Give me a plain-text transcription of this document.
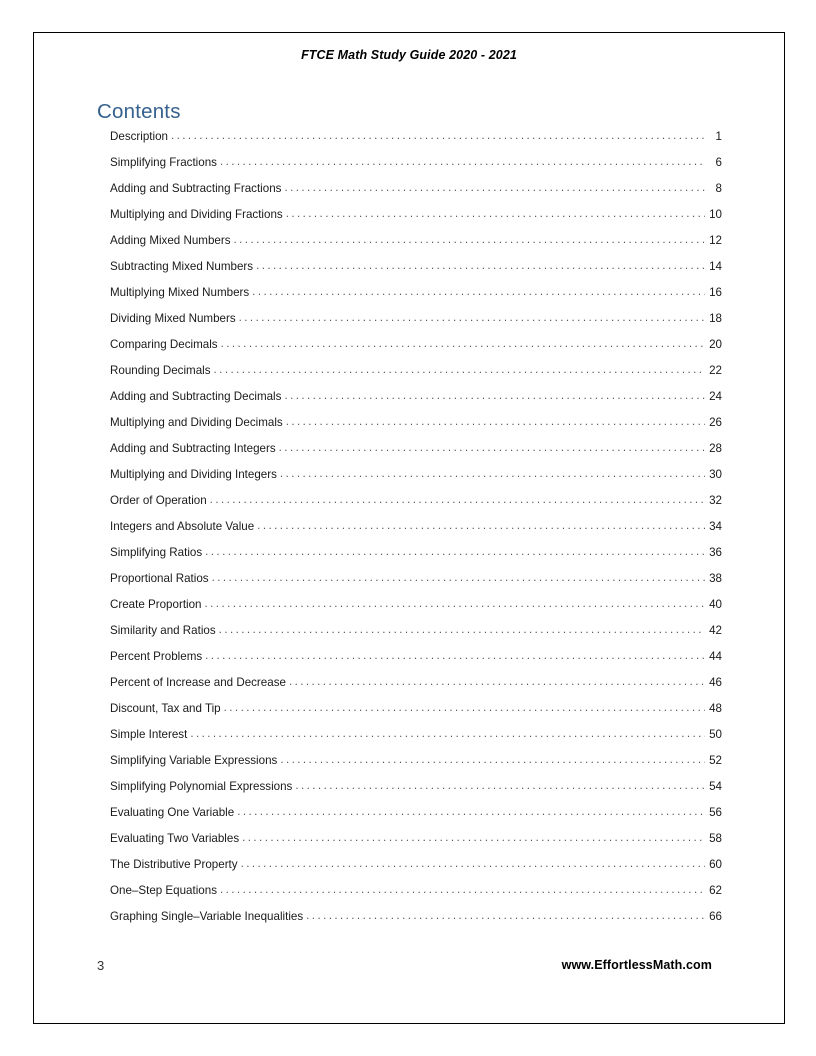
FTCE Math Study Guide 2020 - 2021
Contents
Description . . .	1
Simplifying Fractions . . .	6
Adding and Subtracting Fractions . . .	8
Multiplying and Dividing Fractions . . .	10
Adding Mixed Numbers . . .	12
Subtracting Mixed Numbers . . .	14
Multiplying Mixed Numbers . . .	16
Dividing Mixed Numbers . . .	18
Comparing Decimals . . .	20
Rounding Decimals . . .	22
Adding and Subtracting Decimals . . .	24
Multiplying and Dividing Decimals . . .	26
Adding and Subtracting Integers . . .	28
Multiplying and Dividing Integers . . .	30
Order of Operation . . .	32
Integers and Absolute Value . . .	34
Simplifying Ratios . . .	36
Proportional Ratios . . .	38
Create Proportion . . .	40
Similarity and Ratios . . .	42
Percent Problems . . .	44
Percent of Increase and Decrease . . .	46
Discount, Tax and Tip . . .	48
Simple Interest . . .	50
Simplifying Variable Expressions . . .	52
Simplifying Polynomial Expressions . . .	54
Evaluating One Variable . . .	56
Evaluating Two Variables . . .	58
The Distributive Property . . .	60
One–Step Equations . . .	62
Graphing Single–Variable Inequalities . . .	66
3	www.EffortlessMath.com
